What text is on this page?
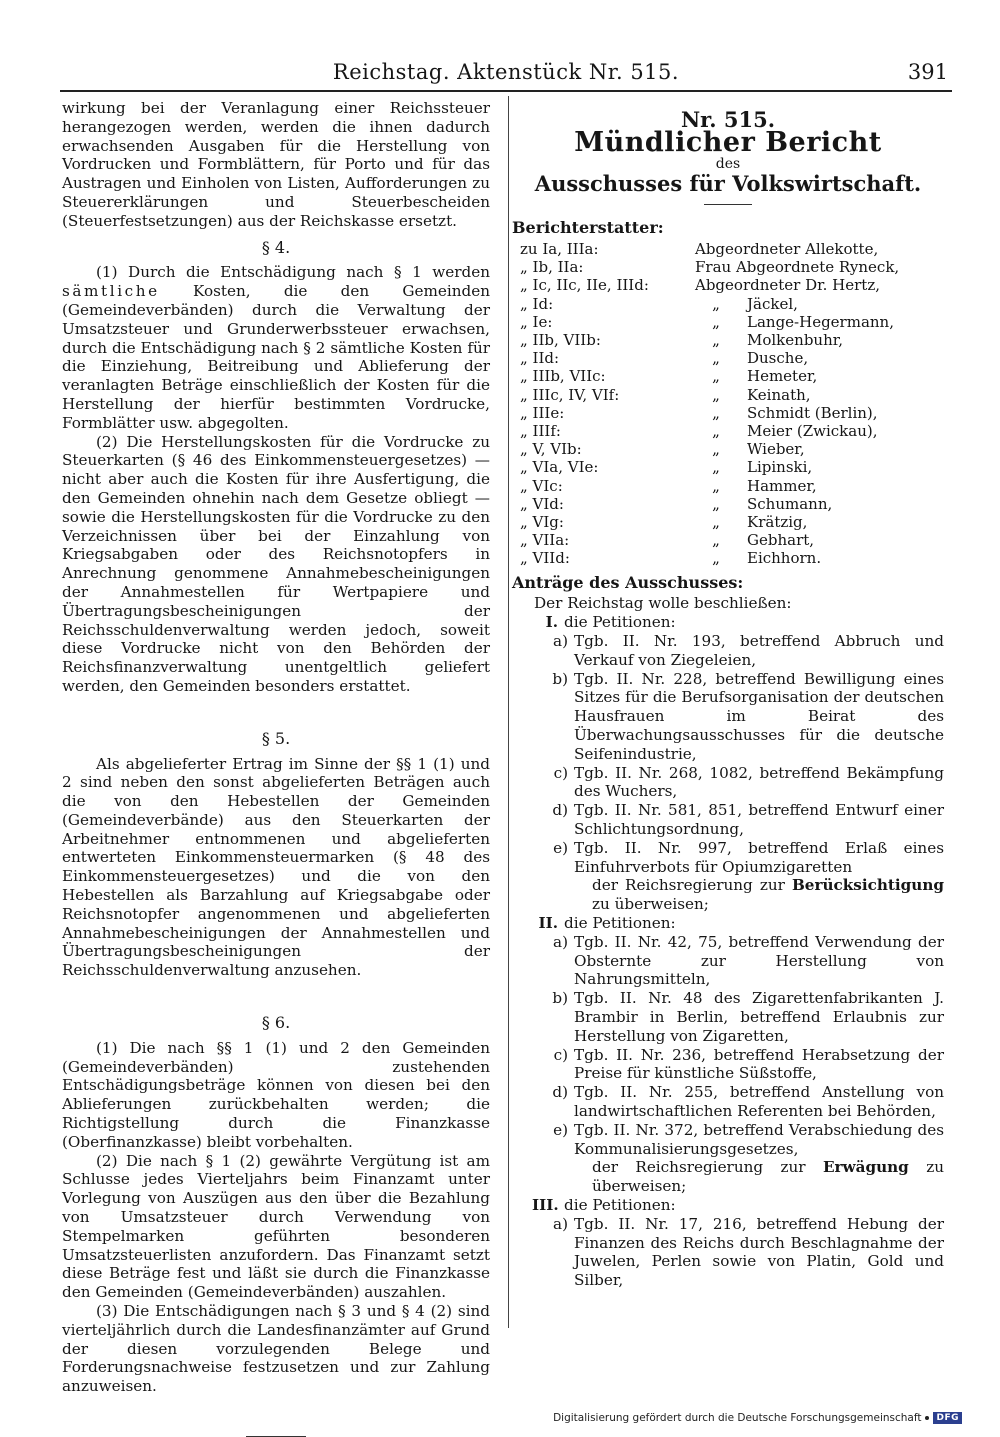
Reichstag. Aktenstück Nr. 515.	391

wirkung bei der Veranlagung einer Reichssteuer herangezogen werden, werden die ihnen dadurch erwachsenden Ausgaben für die Herstellung von Vordrucken und Formblättern, für Porto und für das Austragen und Einholen von Listen, Aufforderungen zu Steuererklärungen und Steuerbescheiden (Steuerfestsetzungen) aus der Reichskasse ersetzt.

§ 4.

(1) Durch die Entschädigung nach § 1 werden sämtliche Kosten, die den Gemeinden (Gemeindeverbänden) durch die Verwaltung der Umsatzsteuer und Grunderwerbssteuer erwachsen, durch die Entschädigung nach § 2 sämtliche Kosten für die Einziehung, Beitreibung und Ablieferung der veranlagten Beträge einschließlich der Kosten für die Herstellung der hierfür bestimmten Vordrucke, Formblätter usw. abgegolten.

(2) Die Herstellungskosten für die Vordrucke zu Steuerkarten (§ 46 des Einkommensteuergesetzes) — nicht aber auch die Kosten für ihre Ausfertigung, die den Gemeinden ohnehin nach dem Gesetze obliegt — sowie die Herstellungskosten für die Vordrucke zu den Verzeichnissen über bei der Einzahlung von Kriegsabgaben oder des Reichsnotopfers in Anrechnung genommene Annahmebescheinigungen der Annahmestellen für Wertpapiere und Übertragungsbescheinigungen der Reichsschuldenverwaltung werden jedoch, soweit diese Vordrucke nicht von den Behörden der Reichsfinanzverwaltung unentgeltlich geliefert werden, den Gemeinden besonders erstattet.

§ 5.

Als abgelieferter Ertrag im Sinne der §§ 1 (1) und 2 sind neben den sonst abgelieferten Beträgen auch die von den Hebestellen der Gemeinden (Gemeindeverbände) aus den Steuerkarten der Arbeitnehmer entnommenen und abgelieferten entwerteten Einkommensteuermarken (§ 48 des Einkommensteuergesetzes) und die von den Hebestellen als Barzahlung auf Kriegsabgabe oder Reichsnotopfer angenommenen und abgelieferten Annahmebescheinigungen der Annahmestellen und Übertragungsbescheinigungen der Reichsschuldenverwaltung anzusehen.

§ 6.

(1) Die nach §§ 1 (1) und 2 den Gemeinden (Gemeindeverbänden) zustehenden Entschädigungsbeträge können von diesen bei den Ablieferungen zurückbehalten werden; die Richtigstellung durch die Finanzkasse (Oberfinanzkasse) bleibt vorbehalten.

(2) Die nach § 1 (2) gewährte Vergütung ist am Schlusse jedes Vierteljahrs beim Finanzamt unter Vorlegung von Auszügen aus den über die Bezahlung von Umsatzsteuer durch Verwendung von Stempelmarken geführten besonderen Umsatzsteuerlisten anzufordern. Das Finanzamt setzt diese Beträge fest und läßt sie durch die Finanzkasse den Gemeinden (Gemeindeverbänden) auszahlen.

(3) Die Entschädigungen nach § 3 und § 4 (2) sind vierteljährlich durch die Landesfinanzämter auf Grund der diesen vorzulegenden Belege und Forderungsnachweise festzusetzen und zur Zahlung anzuweisen.

Nr. 515.
Mündlicher Bericht
des
Ausschusses für Volkswirtschaft.
Berichterstatter:
zu Ia, IIIa:	Abgeordneter Allekotte,
„ Ib, IIa:	Frau Abgeordnete Ryneck,
„ Ic, IIc, IIe, IIId:	Abgeordneter Dr. Hertz,
„ Id:	„	Jäckel,
„ Ie:	„	Lange-Hegermann,
„ IIb, VIIb:	„	Molkenbuhr,
„ IId:	„	Dusche,
„ IIIb, VIIc:	„	Hemeter,
„ IIIc, IV, VIf:	„	Keinath,
„ IIIe:	„	Schmidt (Berlin),
„ IIIf:	„	Meier (Zwickau),
„ V, VIb:	„	Wieber,
„ VIa, VIe:	„	Lipinski,
„ VIc:	„	Hammer,
„ VId:	„	Schumann,
„ VIg:	„	Krätzig,
„ VIIa:	„	Gebhart,
„ VIId:	„	Eichhorn.
Anträge des Ausschusses:
Der Reichstag wolle beschließen:
I. die Petitionen:
a) Tgb. II. Nr. 193, betreffend Abbruch und Verkauf von Ziegeleien,
b) Tgb. II. Nr. 228, betreffend Bewilligung eines Sitzes für die Berufsorganisation der deutschen Hausfrauen im Beirat des Überwachungsausschusses für die deutsche Seifenindustrie,
c) Tgb. II. Nr. 268, 1082, betreffend Bekämpfung des Wuchers,
d) Tgb. II. Nr. 581, 851, betreffend Entwurf einer Schlichtungsordnung,
e) Tgb. II. Nr. 997, betreffend Erlaß eines Einfuhrverbots für Opiumzigaretten
der Reichsregierung zur Berücksichtigung zu überweisen;
II. die Petitionen:
a) Tgb. II. Nr. 42, 75, betreffend Verwendung der Obsternte zur Herstellung von Nahrungsmitteln,
b) Tgb. II. Nr. 48 des Zigarettenfabrikanten J. Brambir in Berlin, betreffend Erlaubnis zur Herstellung von Zigaretten,
c) Tgb. II. Nr. 236, betreffend Herabsetzung der Preise für künstliche Süßstoffe,
d) Tgb. II. Nr. 255, betreffend Anstellung von landwirtschaftlichen Referenten bei Behörden,
e) Tgb. II. Nr. 372, betreffend Verabschiedung des Kommunalisierungsgesetzes,
der Reichsregierung zur Erwägung zu überweisen;
III. die Petitionen:
a) Tgb. II. Nr. 17, 216, betreffend Hebung der Finanzen des Reichs durch Beschlagnahme der Juwelen, Perlen sowie von Platin, Gold und Silber,
Digitalisierung gefördert durch die Deutsche Forschungsgemeinschaft	DFG
